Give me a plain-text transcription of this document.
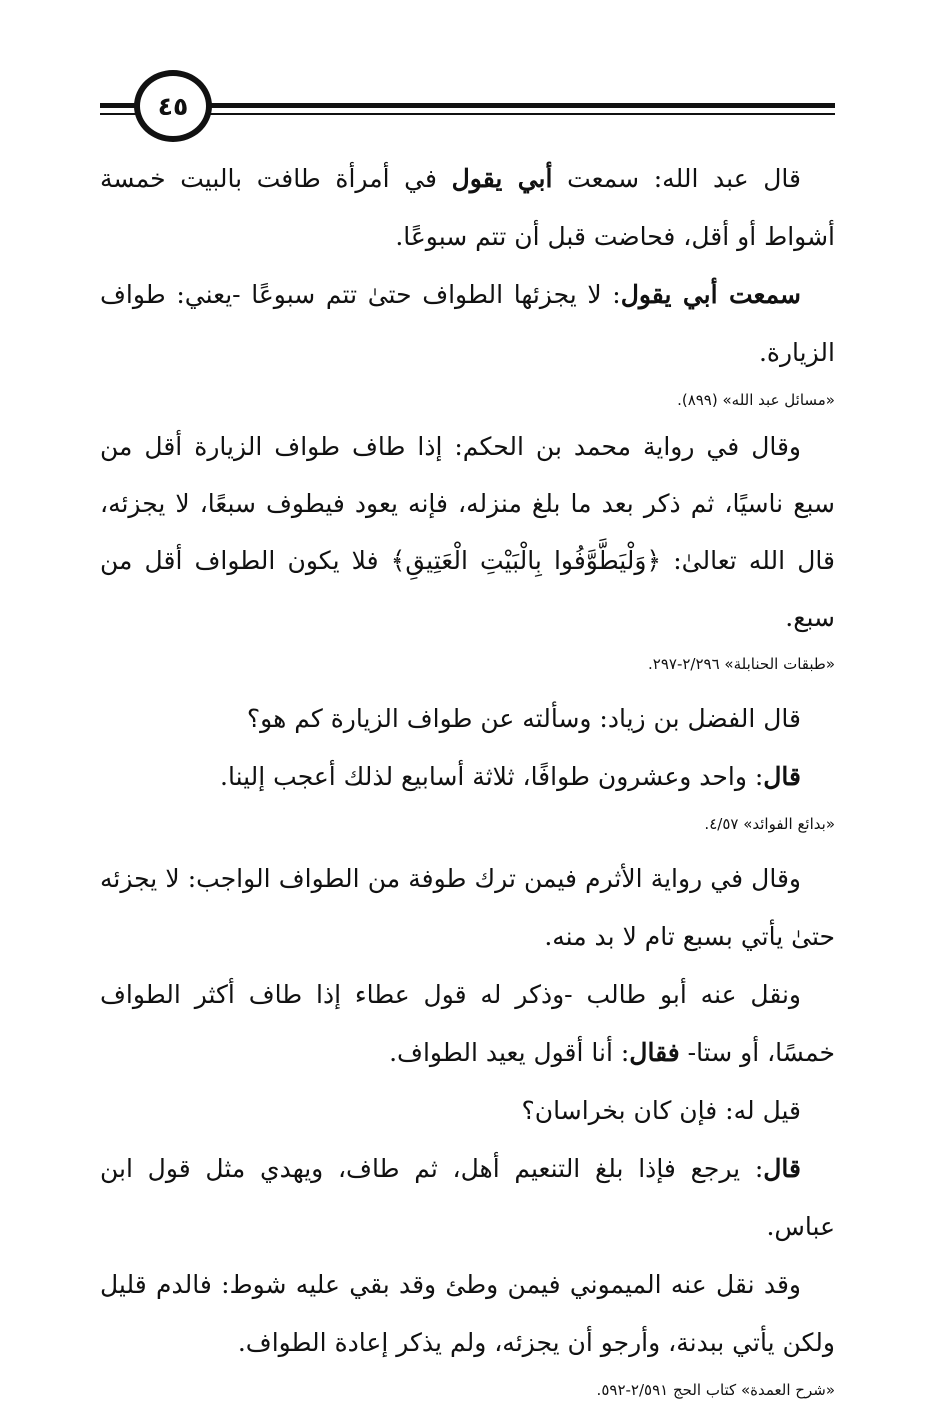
٤٥

قال عبد الله: سمعت أبي يقول في أمرأة طافت بالبيت خمسة أشواط أو أقل، فحاضت قبل أن تتم سبوعًا.

سمعت أبي يقول: لا يجزئها الطواف حتىٰ تتم سبوعًا -يعني: طواف الزيارة.

«مسائل عبد الله» (٨٩٩).

وقال في رواية محمد بن الحكم: إذا طاف طواف الزيارة أقل من سبع ناسيًا، ثم ذكر بعد ما بلغ منزله، فإنه يعود فيطوف سبعًا، لا يجزئه، قال الله تعالىٰ: ﴿وَلْيَطَّوَّفُوا بِالْبَيْتِ الْعَتِيقِ﴾ فلا يكون الطواف أقل من سبع.

«طبقات الحنابلة» ٢/٢٩٦-٢٩٧.

قال الفضل بن زياد: وسألته عن طواف الزيارة كم هو؟

قال: واحد وعشرون طوافًا، ثلاثة أسابيع لذلك أعجب إلينا.

«بدائع الفوائد» ٤/٥٧.

وقال في رواية الأثرم فيمن ترك طوفة من الطواف الواجب: لا يجزئه حتىٰ يأتي بسبع تام لا بد منه.

ونقل عنه أبو طالب -وذكر له قول عطاء إذا طاف أكثر الطواف خمسًا، أو ستا- فقال: أنا أقول يعيد الطواف.

قيل له: فإن كان بخراسان؟

قال: يرجع فإذا بلغ التنعيم أهل، ثم طاف، ويهدي مثل قول ابن عباس.

وقد نقل عنه الميموني فيمن وطئ وقد بقي عليه شوط: فالدم قليل ولكن يأتي ببدنة، وأرجو أن يجزئه، ولم يذكر إعادة الطواف.

«شرح العمدة» كتاب الحج ٢/٥٩١-٥٩٢.
